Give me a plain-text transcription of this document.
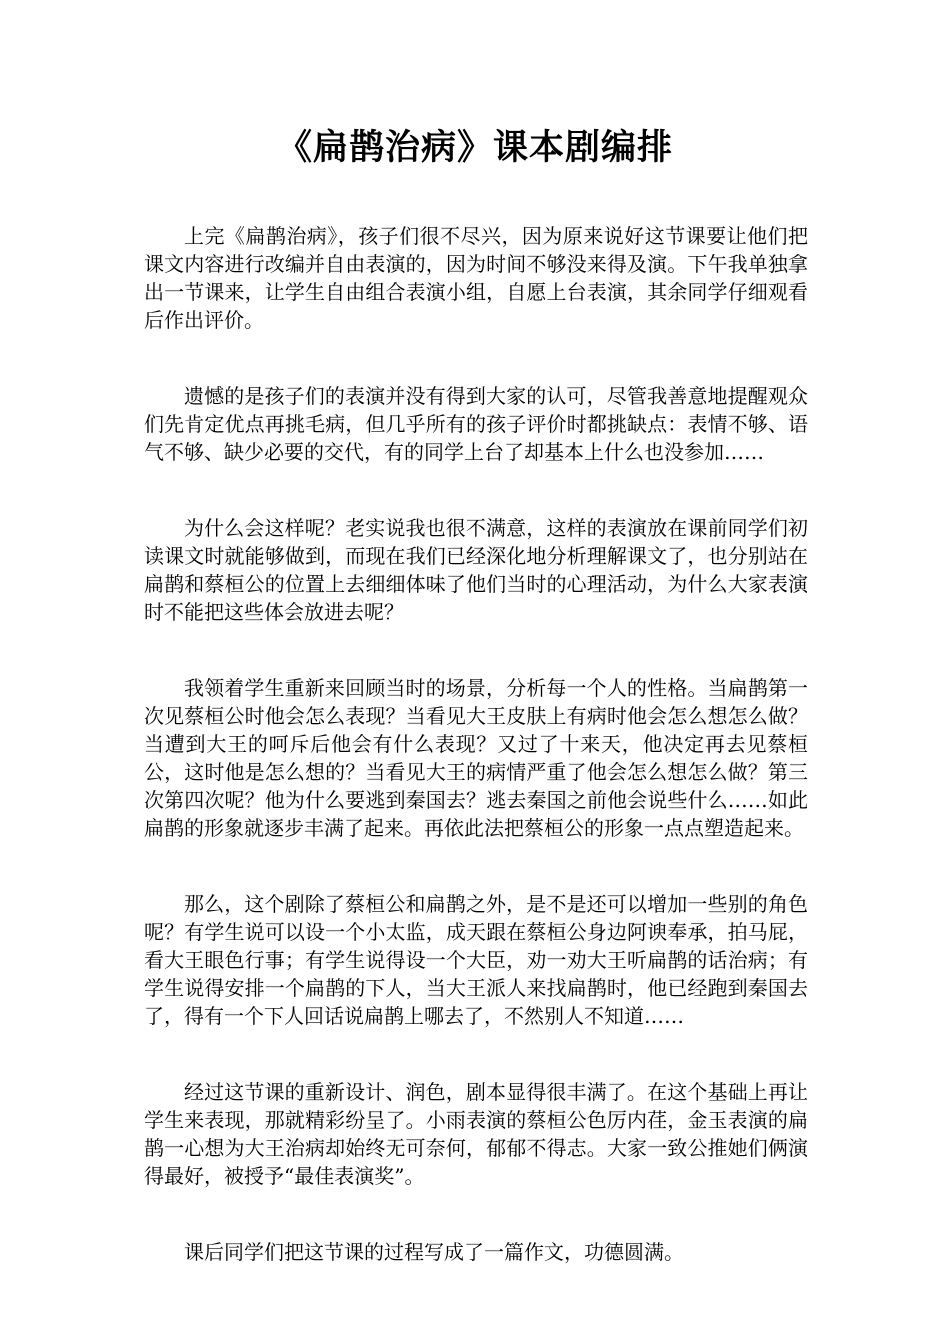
《扁鹊治病》课本剧编排

上完《扁鹊治病》，孩子们很不尽兴，因为原来说好这节课要让他们把课文内容进行改编并自由表演的，因为时间不够没来得及演。下午我单独拿出一节课来，让学生自由组合表演小组，自愿上台表演，其余同学仔细观看后作出评价。

遗憾的是孩子们的表演并没有得到大家的认可，尽管我善意地提醒观众们先肯定优点再挑毛病，但几乎所有的孩子评价时都挑缺点：表情不够、语气不够、缺少必要的交代，有的同学上台了却基本上什么也没参加……

为什么会这样呢？老实说我也很不满意，这样的表演放在课前同学们初读课文时就能够做到，而现在我们已经深化地分析理解课文了，也分别站在扁鹊和蔡桓公的位置上去细细体味了他们当时的心理活动，为什么大家表演时不能把这些体会放进去呢？

我领着学生重新来回顾当时的场景，分析每一个人的性格。当扁鹊第一次见蔡桓公时他会怎么表现？当看见大王皮肤上有病时他会怎么想怎么做？当遭到大王的呵斥后他会有什么表现？又过了十来天，他决定再去见蔡桓公，这时他是怎么想的？当看见大王的病情严重了他会怎么想怎么做？第三次第四次呢？他为什么要逃到秦国去？逃去秦国之前他会说些什么……如此扁鹊的形象就逐步丰满了起来。再依此法把蔡桓公的形象一点点塑造起来。

那么，这个剧除了蔡桓公和扁鹊之外，是不是还可以增加一些别的角色呢？有学生说可以设一个小太监，成天跟在蔡桓公身边阿谀奉承，拍马屁，看大王眼色行事；有学生说得设一个大臣，劝一劝大王听扁鹊的话治病；有学生说得安排一个扁鹊的下人，当大王派人来找扁鹊时，他已经跑到秦国去了，得有一个下人回话说扁鹊上哪去了，不然别人不知道……

经过这节课的重新设计、润色，剧本显得很丰满了。在这个基础上再让学生来表现，那就精彩纷呈了。小雨表演的蔡桓公色厉内荏，金玉表演的扁鹊一心想为大王治病却始终无可奈何，郁郁不得志。大家一致公推她们俩演得最好，被授予“最佳表演奖”。

课后同学们把这节课的过程写成了一篇作文，功德圆满。
